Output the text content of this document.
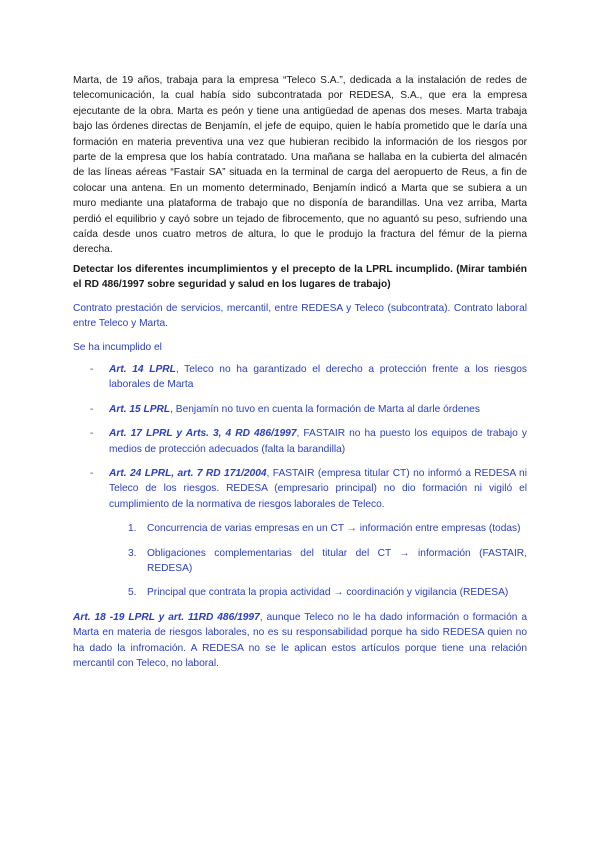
Marta, de 19 años, trabaja para la empresa “Teleco S.A.”, dedicada a la instalación de redes de telecomunicación, la cual había sido subcontratada por REDESA, S.A., que era la empresa ejecutante de la obra. Marta es peón y tiene una antigüedad de apenas dos meses. Marta trabaja bajo las órdenes directas de Benjamín, el jefe de equipo, quien le había prometido que le daría una formación en materia preventiva una vez que hubieran recibido la información de los riesgos por parte de la empresa que los había contratado. Una mañana se hallaba en la cubierta del almacén de las líneas aéreas “Fastair SA” situada en la terminal de carga del aeropuerto de Reus, a fin de colocar una antena. En un momento determinado, Benjamín indicó a Marta que se subiera a un muro mediante una plataforma de trabajo que no disponía de barandillas. Una vez arriba, Marta perdió el equilibrio y cayó sobre un tejado de fibrocemento, que no aguantó su peso, sufriendo una caída desde unos cuatro metros de altura, lo que le produjo la fractura del fémur de la pierna derecha.

Detectar los diferentes incumplimientos y el precepto de la LPRL incumplido. (Mirar también el RD 486/1997 sobre seguridad y salud en los lugares de trabajo)

Contrato prestación de servicios, mercantil, entre REDESA y Teleco (subcontrata). Contrato laboral entre Teleco y Marta.

Se ha incumplido el

- Art. 14 LPRL, Teleco no ha garantizado el derecho a protección frente a los riesgos laborales de Marta
- Art. 15 LPRL, Benjamín no tuvo en cuenta la formación de Marta al darle órdenes
- Art. 17 LPRL y Arts. 3, 4 RD 486/1997, FASTAIR no ha puesto los equipos de trabajo y medios de protección adecuados (falta la barandilla)
- Art. 24 LPRL, art. 7 RD 171/2004, FASTAIR (empresa titular CT) no informó a REDESA ni Teleco de los riesgos. REDESA (empresario principal) no dio formación ni vigiló el cumplimiento de la normativa de riesgos laborales de Teleco.
1. Concurrencia de varias empresas en un CT → información entre empresas (todas)
3. Obligaciones complementarias del titular del CT → información (FASTAIR, REDESA)
5. Principal que contrata la propia actividad → coordinación y vigilancia (REDESA)

Art. 18 -19 LPRL y art. 11RD 486/1997, aunque Teleco no le ha dado información o formación a Marta en materia de riesgos laborales, no es su responsabilidad porque ha sido REDESA quien no ha dado la infromación. A REDESA no se le aplican estos artículos porque tiene una relación mercantil con Teleco, no laboral.
